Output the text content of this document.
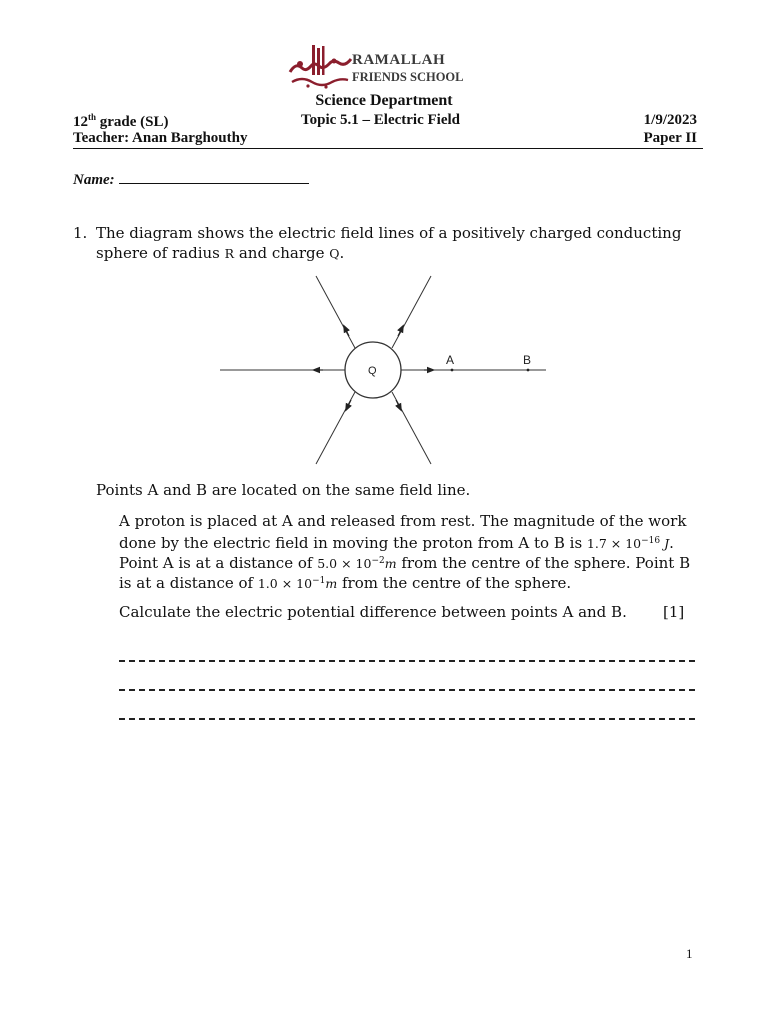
RAMALLAH
FRIENDS SCHOOL
Science Department
12th grade (SL)	Topic 5.1 – Electric Field	1/9/2023
Teacher: Anan Barghouthy	Paper II
Name:
1. The diagram shows the electric field lines of a positively charged conducting
sphere of radius R and charge Q.
Q
A	B
Points A and B are located on the same field line.
A proton is placed at A and released from rest. The magnitude of the work
done by the electric field in moving the proton from A to B is $1.7 \times 10^{-16}$ J.
Point A is at a distance of $5.0 \times 10^{-2}m$ from the centre of the sphere. Point B
is at a distance of $1.0 \times 10^{-1}m$ from the centre of the sphere.
Calculate the electric potential difference between points A and B. [1]
1
